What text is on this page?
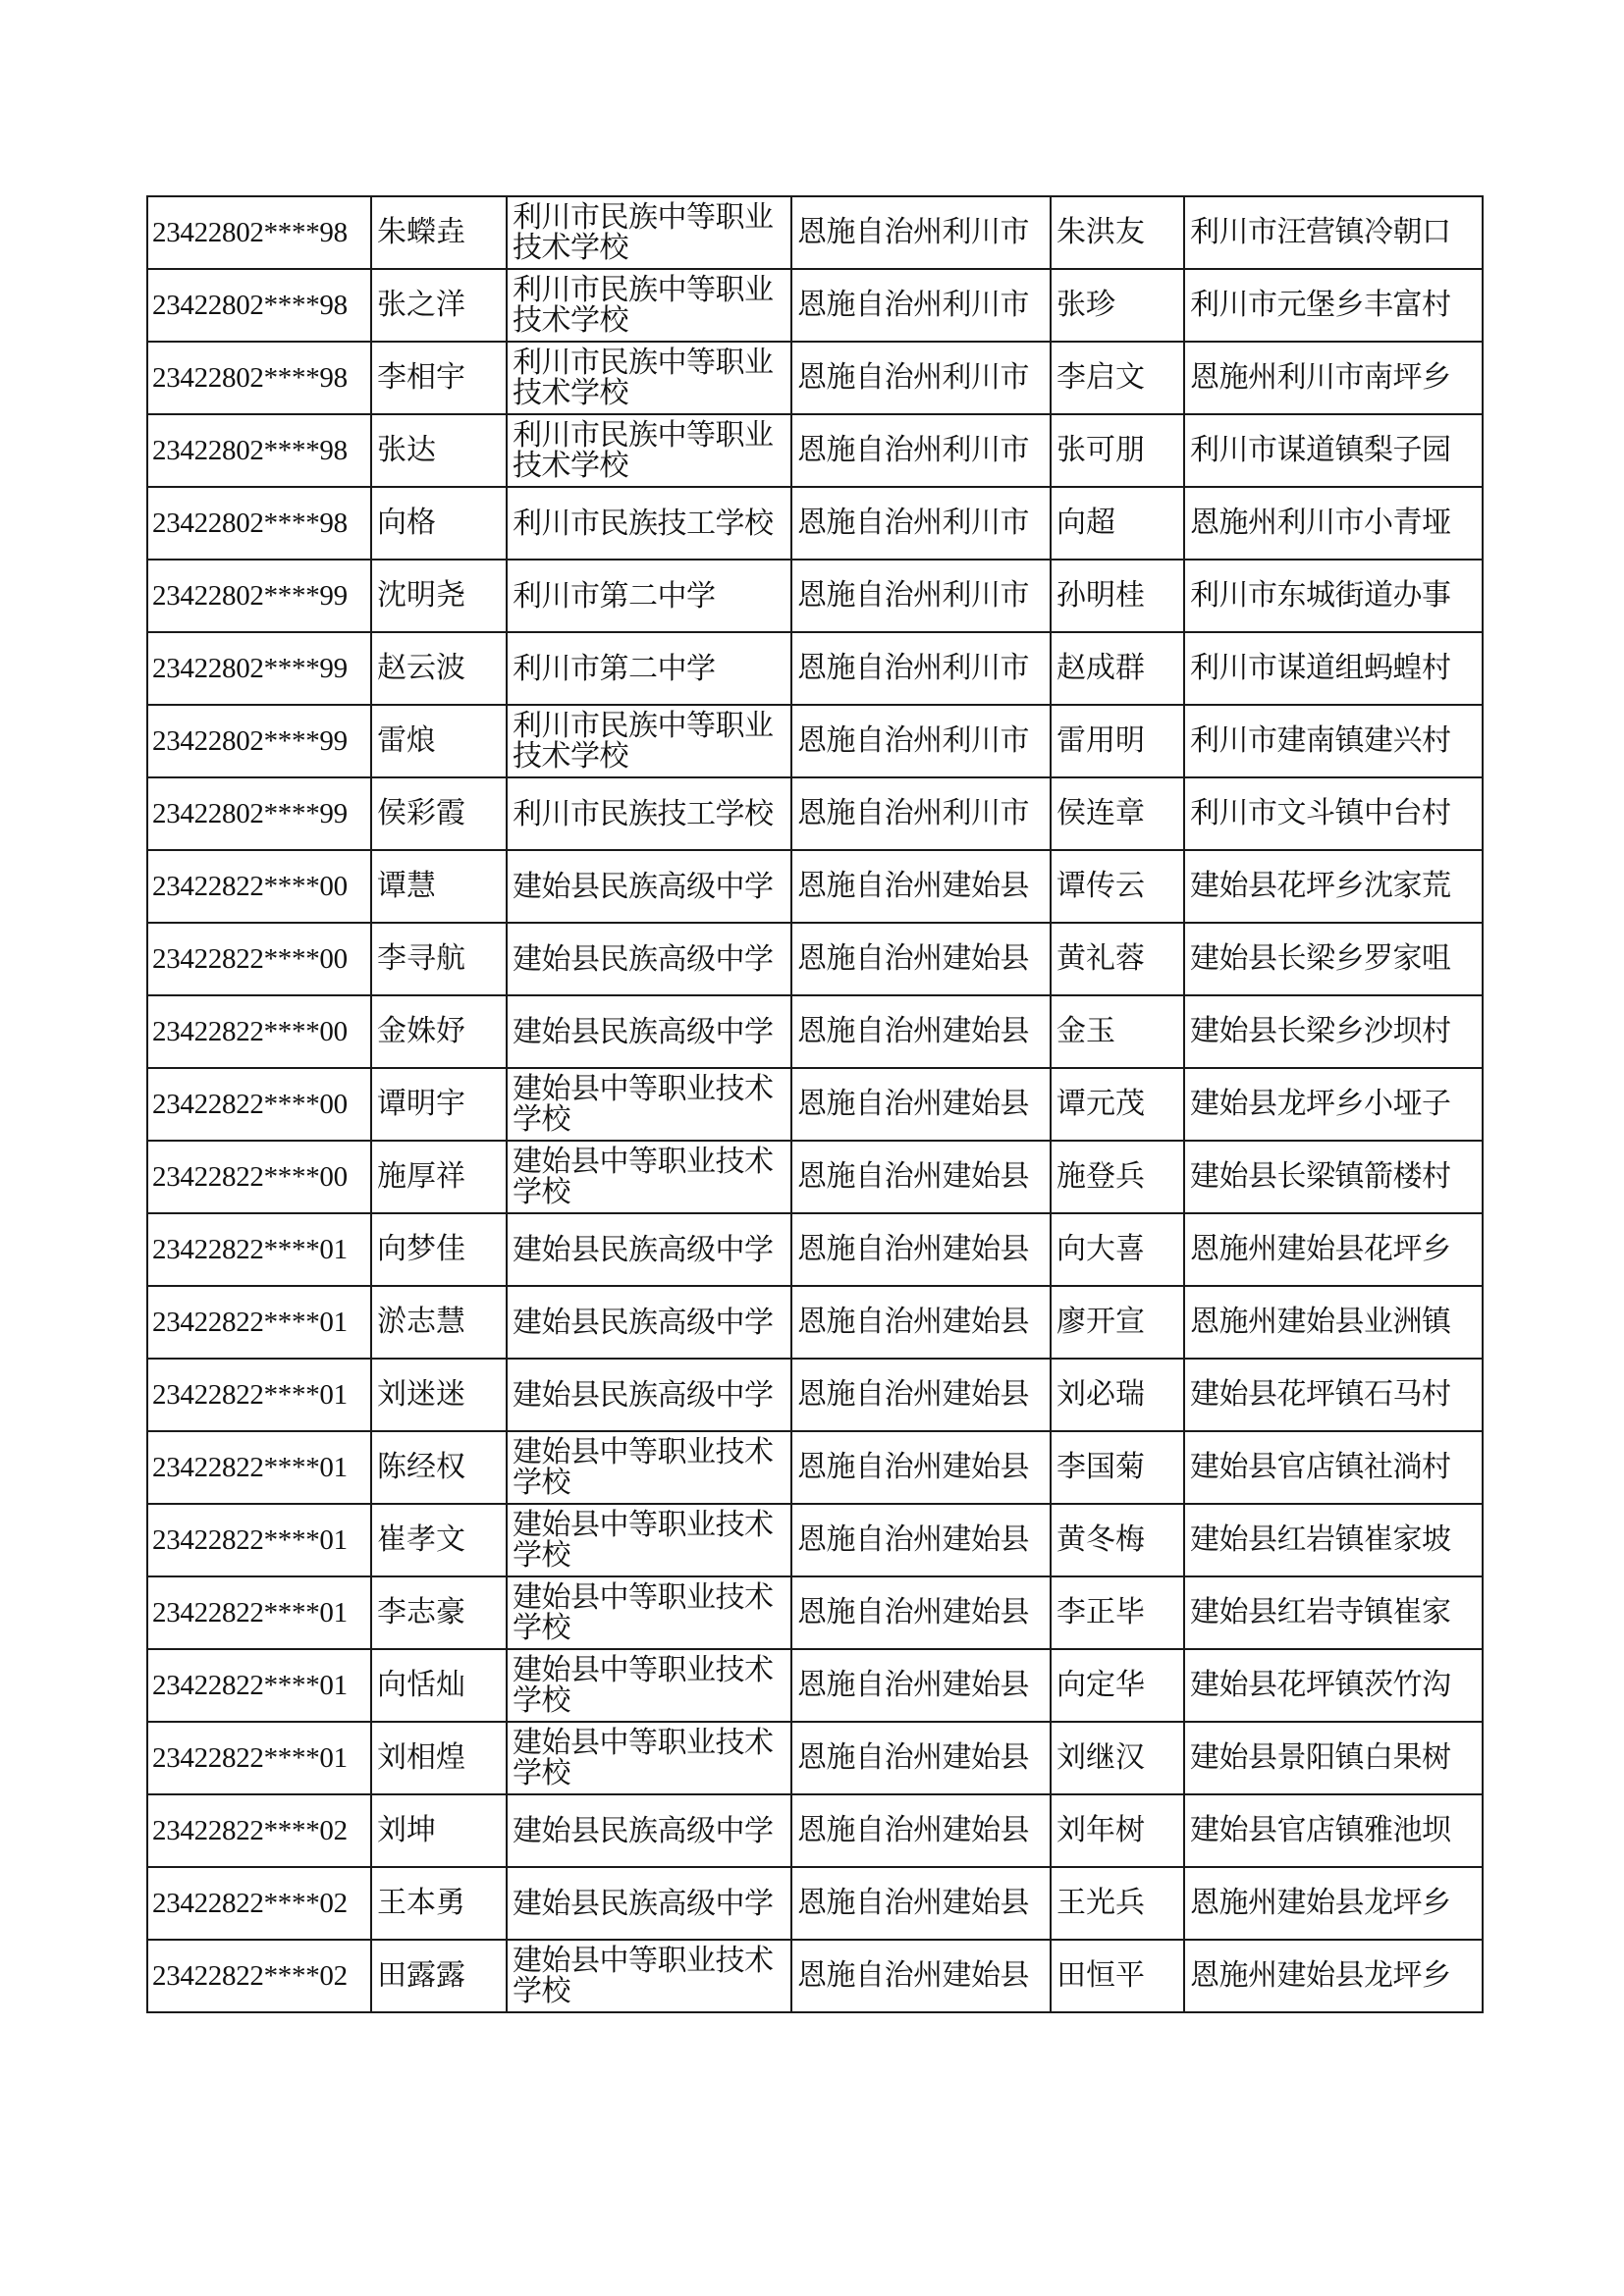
23422802****98	朱蠑垚	利川市民族中等职业技术学校	恩施自治州利川市	朱洪友	利川市汪营镇冷朝口
23422802****98	张之洋	利川市民族中等职业技术学校	恩施自治州利川市	张珍	利川市元堡乡丰富村
23422802****98	李相宇	利川市民族中等职业技术学校	恩施自治州利川市	李启文	恩施州利川市南坪乡
23422802****98	张达	利川市民族中等职业技术学校	恩施自治州利川市	张可朋	利川市谋道镇梨子园
23422802****98	向格	利川市民族技工学校	恩施自治州利川市	向超	恩施州利川市小青垭
23422802****99	沈明尧	利川市第二中学	恩施自治州利川市	孙明桂	利川市东城街道办事
23422802****99	赵云波	利川市第二中学	恩施自治州利川市	赵成群	利川市谋道组蚂蝗村
23422802****99	雷烺	利川市民族中等职业技术学校	恩施自治州利川市	雷用明	利川市建南镇建兴村
23422802****99	侯彩霞	利川市民族技工学校	恩施自治州利川市	侯连章	利川市文斗镇中台村
23422822****00	谭慧	建始县民族高级中学	恩施自治州建始县	谭传云	建始县花坪乡沈家荒
23422822****00	李寻航	建始县民族高级中学	恩施自治州建始县	黄礼蓉	建始县长梁乡罗家咀
23422822****00	金姝妤	建始县民族高级中学	恩施自治州建始县	金玉	建始县长梁乡沙坝村
23422822****00	谭明宇	建始县中等职业技术学校	恩施自治州建始县	谭元茂	建始县龙坪乡小垭子
23422822****00	施厚祥	建始县中等职业技术学校	恩施自治州建始县	施登兵	建始县长梁镇箭楼村
23422822****01	向梦佳	建始县民族高级中学	恩施自治州建始县	向大喜	恩施州建始县花坪乡
23422822****01	淤志慧	建始县民族高级中学	恩施自治州建始县	廖开宣	恩施州建始县业洲镇
23422822****01	刘迷迷	建始县民族高级中学	恩施自治州建始县	刘必瑞	建始县花坪镇石马村
23422822****01	陈经权	建始县中等职业技术学校	恩施自治州建始县	李国菊	建始县官店镇社淌村
23422822****01	崔孝文	建始县中等职业技术学校	恩施自治州建始县	黄冬梅	建始县红岩镇崔家坡
23422822****01	李志豪	建始县中等职业技术学校	恩施自治州建始县	李正毕	建始县红岩寺镇崔家
23422822****01	向恬灿	建始县中等职业技术学校	恩施自治州建始县	向定华	建始县花坪镇茨竹沟
23422822****01	刘相煌	建始县中等职业技术学校	恩施自治州建始县	刘继汉	建始县景阳镇白果树
23422822****02	刘坤	建始县民族高级中学	恩施自治州建始县	刘年树	建始县官店镇雅池坝
23422822****02	王本勇	建始县民族高级中学	恩施自治州建始县	王光兵	恩施州建始县龙坪乡
23422822****02	田露露	建始县中等职业技术学校	恩施自治州建始县	田恒平	恩施州建始县龙坪乡
